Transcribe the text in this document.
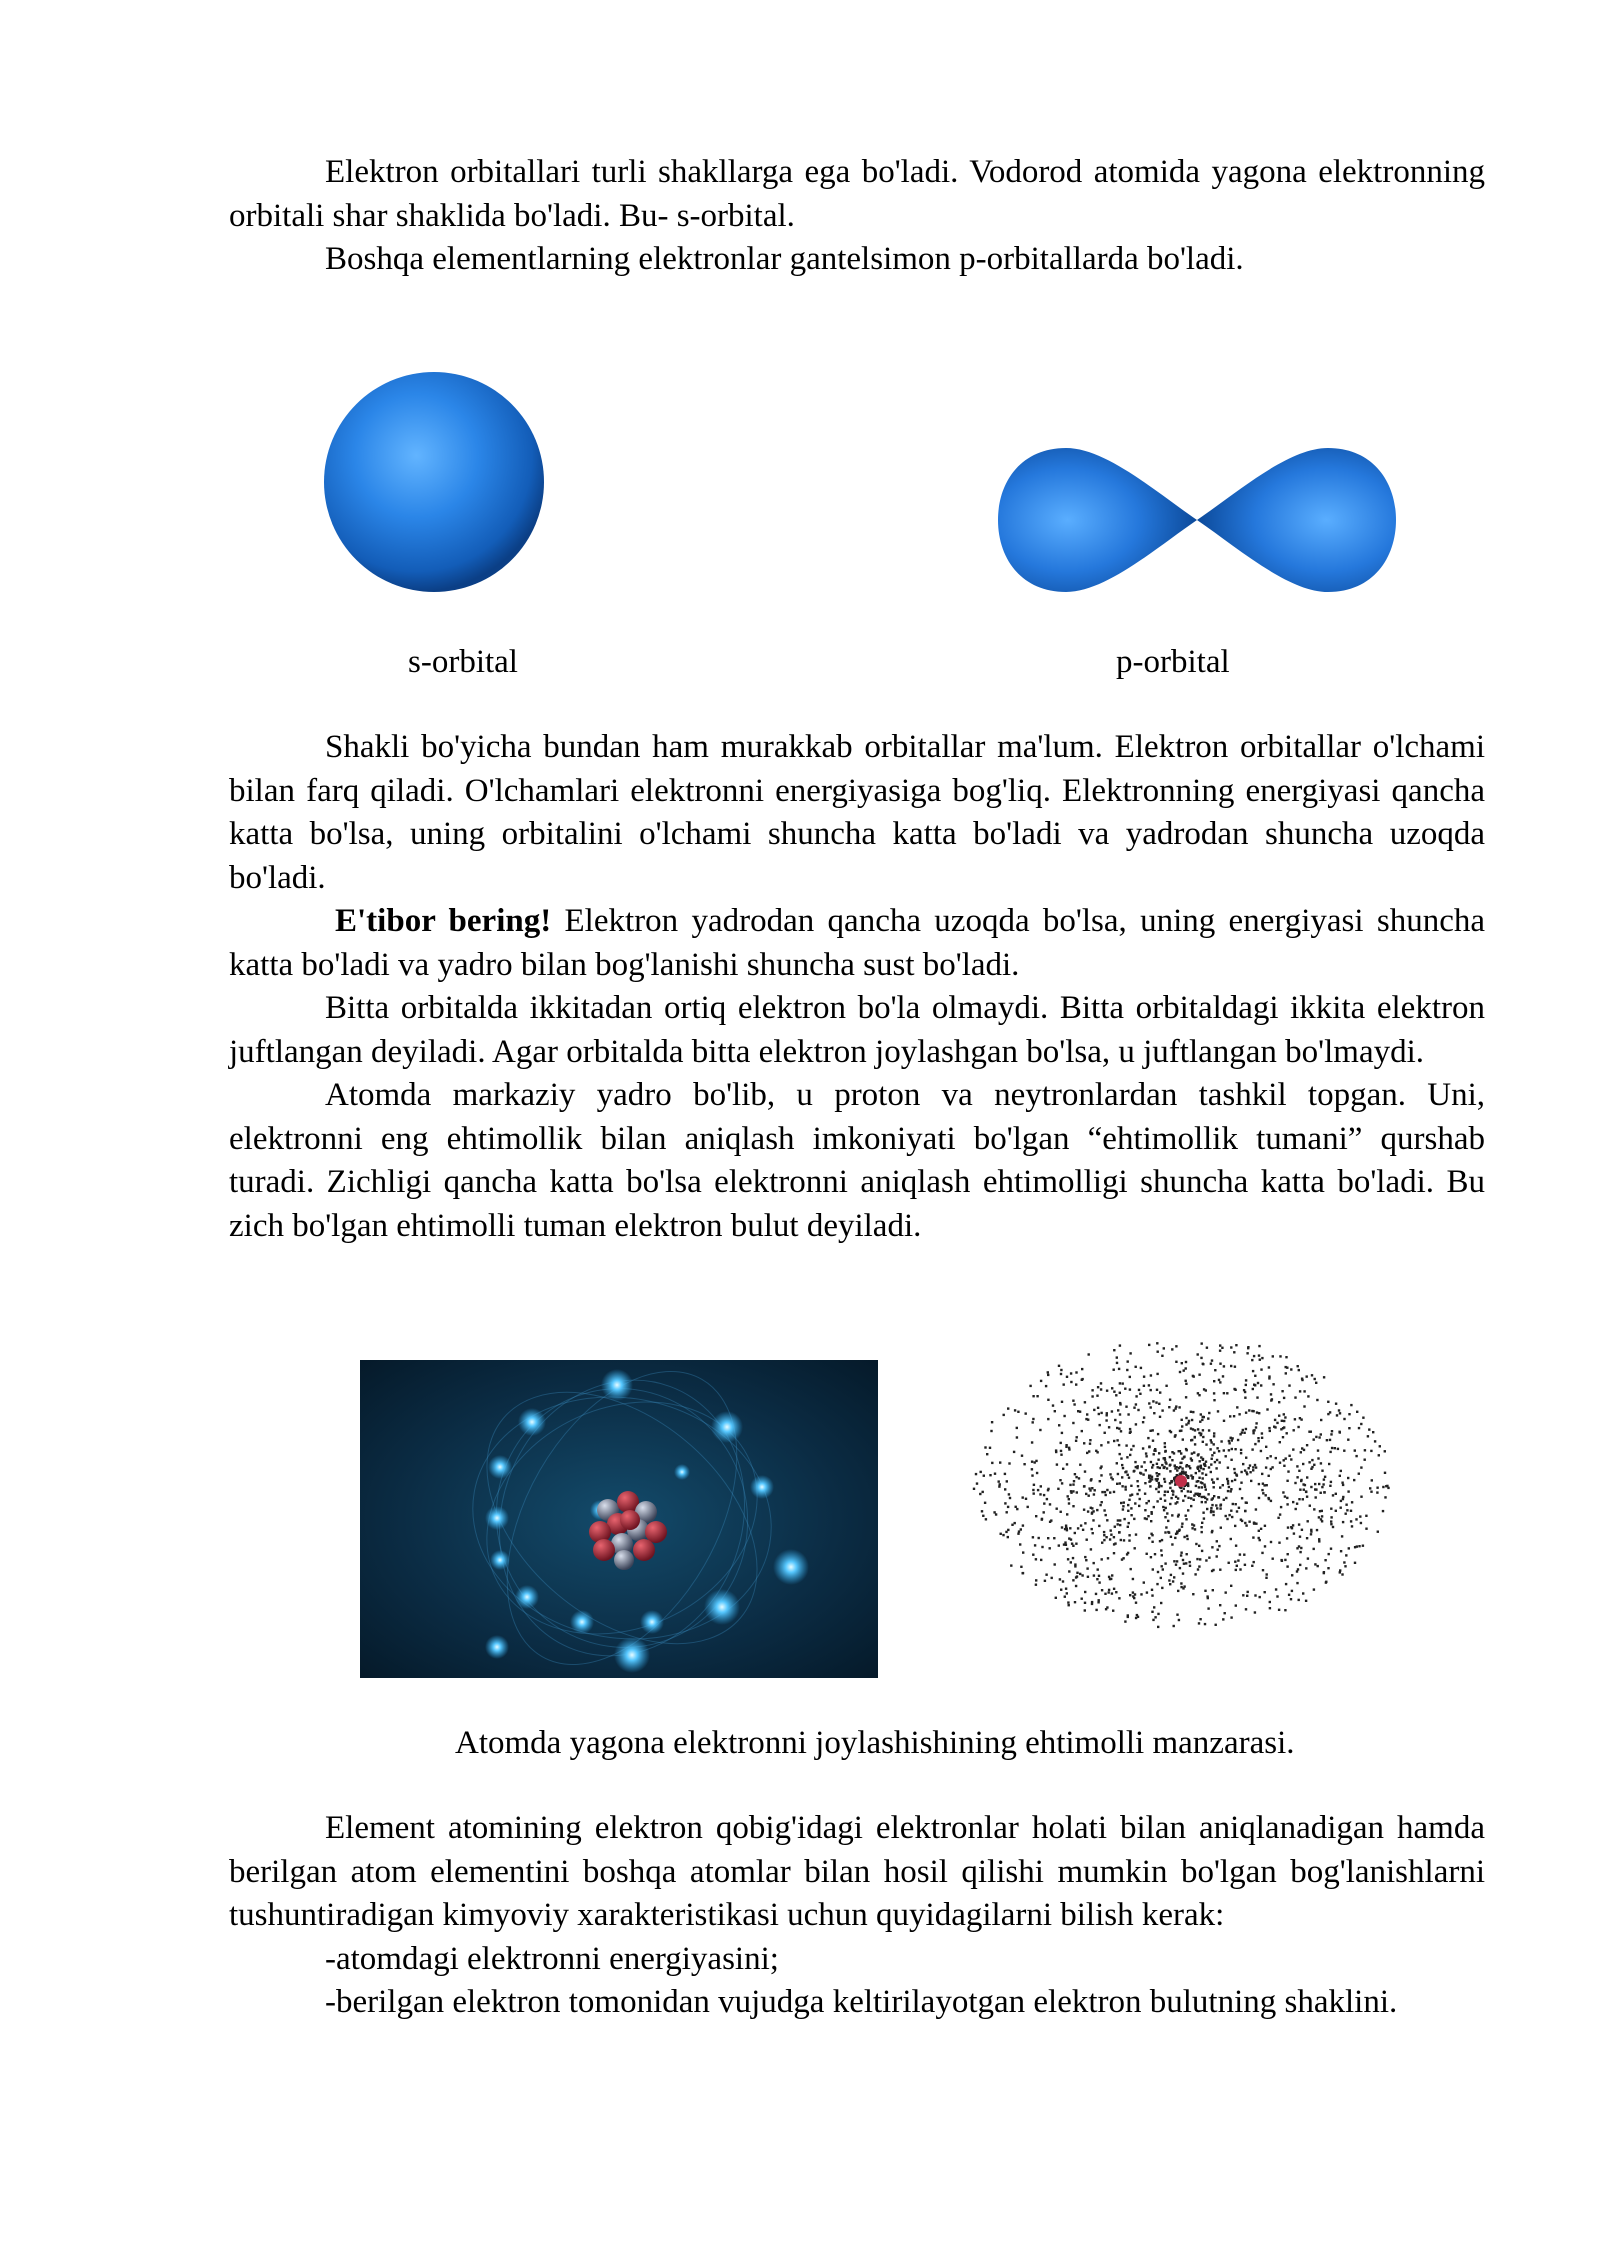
Elektron orbitallari turli shakllarga ega bo'ladi. Vodorod atomida yagona elektronning orbitali shar shaklida bo'ladi. Bu- s-orbital.

Boshqa elementlarning elektronlar gantelsimon p-orbitallarda bo'ladi.

s-orbital	p-orbital

Shakli bo'yicha bundan ham murakkab orbitallar ma'lum. Elektron orbitallar o'lchami bilan farq qiladi. O'lchamlari elektronni energiyasiga bog'liq. Elektronning energiyasi qancha katta bo'lsa, uning orbitalini o'lchami shuncha katta bo'ladi va yadrodan shuncha uzoqda bo'ladi.

E'tibor bering! Elektron yadrodan qancha uzoqda bo'lsa, uning energiyasi shuncha katta bo'ladi va yadro bilan bog'lanishi shuncha sust bo'ladi.

Bitta orbitalda ikkitadan ortiq elektron bo'la olmaydi. Bitta orbitaldagi ikkita elektron juftlangan deyiladi. Agar orbitalda bitta elektron joylashgan bo'lsa, u juftlangan bo'lmaydi.

Atomda markaziy yadro bo'lib, u proton va neytronlardan tashkil topgan. Uni, elektronni eng ehtimollik bilan aniqlash imkoniyati bo'lgan “ehtimollik tumani” qurshab turadi. Zichligi qancha katta bo'lsa elektronni aniqlash ehtimolligi shuncha katta bo'ladi. Bu zich bo'lgan ehtimolli tuman elektron bulut deyiladi.

Atomda yagona elektronni joylashishining ehtimolli manzarasi.

Element atomining elektron qobig'idagi elektronlar holati bilan aniqlanadigan hamda berilgan atom elementini boshqa atomlar bilan hosil qilishi mumkin bo'lgan bog'lanishlarni tushuntiradigan kimyoviy xarakteristikasi uchun quyidagilarni bilish kerak:

-atomdagi elektronni energiyasini;

-berilgan elektron tomonidan vujudga keltirilayotgan elektron bulutning shaklini.
